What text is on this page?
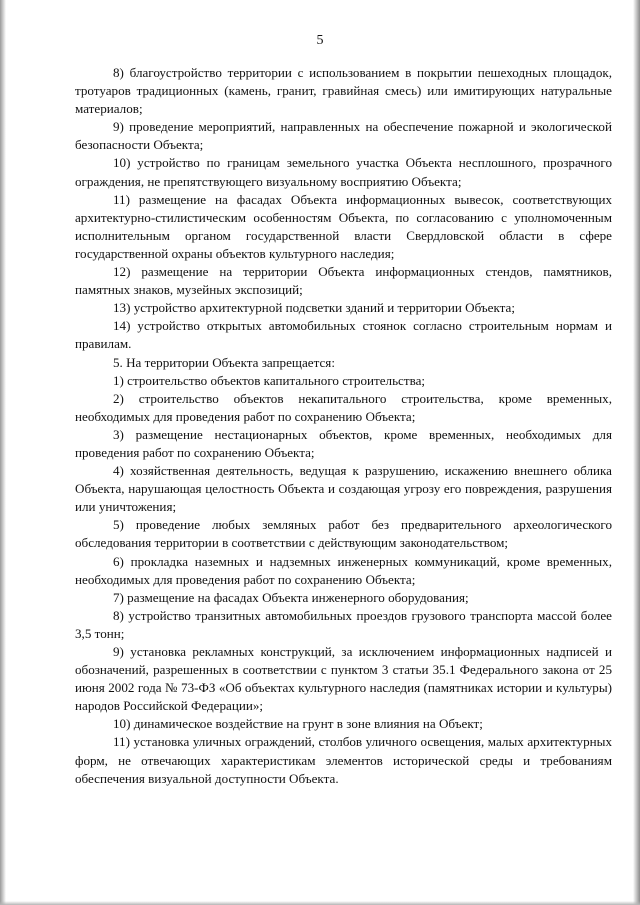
5

8) благоустройство территории с использованием в покрытии пешеходных площадок, тротуаров традиционных (камень, гранит, гравийная смесь) или имитирующих натуральные материалов;

9) проведение мероприятий, направленных на обеспечение пожарной и экологической безопасности Объекта;

10) устройство по границам земельного участка Объекта несплошного, прозрачного ограждения, не препятствующего визуальному восприятию Объекта;

11) размещение на фасадах Объекта информационных вывесок, соответствующих архитектурно-стилистическим особенностям Объекта, по согласованию с уполномоченным исполнительным органом государственной власти Свердловской области в сфере государственной охраны объектов культурного наследия;

12) размещение на территории Объекта информационных стендов, памятников, памятных знаков, музейных экспозиций;

13) устройство архитектурной подсветки зданий и территории Объекта;

14) устройство открытых автомобильных стоянок согласно строительным нормам и правилам.

5. На территории Объекта запрещается:

1) строительство объектов капитального строительства;

2) строительство объектов некапитального строительства, кроме временных, необходимых для проведения работ по сохранению Объекта;

3) размещение нестационарных объектов, кроме временных, необходимых для проведения работ по сохранению Объекта;

4) хозяйственная деятельность, ведущая к разрушению, искажению внешнего облика Объекта, нарушающая целостность Объекта и создающая угрозу его повреждения, разрушения или уничтожения;

5) проведение любых земляных работ без предварительного археологического обследования территории в соответствии с действующим законодательством;

6) прокладка наземных и надземных инженерных коммуникаций, кроме временных, необходимых для проведения работ по сохранению Объекта;

7) размещение на фасадах Объекта инженерного оборудования;

8) устройство транзитных автомобильных проездов грузового транспорта массой более 3,5 тонн;

9) установка рекламных конструкций, за исключением информационных надписей и обозначений, разрешенных в соответствии с пунктом 3 статьи 35.1 Федерального закона от 25 июня 2002 года № 73-ФЗ «Об объектах культурного наследия (памятниках истории и культуры) народов Российской Федерации»;

10) динамическое воздействие на грунт в зоне влияния на Объект;

11) установка уличных ограждений, столбов уличного освещения, малых архитектурных форм, не отвечающих характеристикам элементов исторической среды и требованиям обеспечения визуальной доступности Объекта.
